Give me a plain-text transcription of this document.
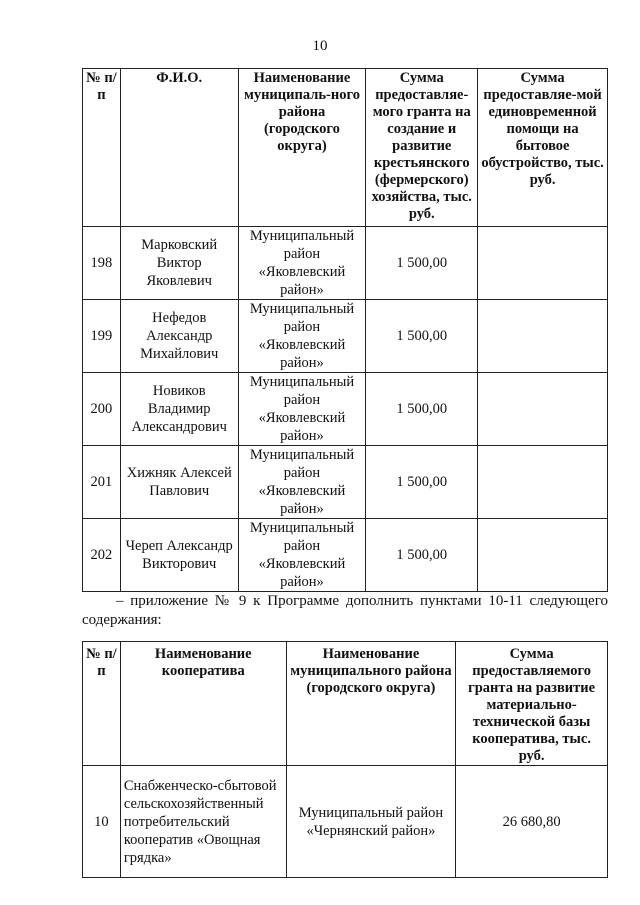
10
№ п/п	Ф.И.О.	Наименование муниципаль-ного района (городского округа)	Сумма предоставляе-мого гранта на создание и развитие крестьянского (фермерского) хозяйства, тыс. руб.	Сумма предоставляе-мой единовременной помощи на бытовое обустройство, тыс. руб.
198	Марковский Виктор Яковлевич	Муниципальный район «Яковлевский район»	1 500,00	
199	Нефедов Александр Михайлович	Муниципальный район «Яковлевский район»	1 500,00	
200	Новиков Владимир Александрович	Муниципальный район «Яковлевский район»	1 500,00	
201	Хижняк Алексей Павлович	Муниципальный район «Яковлевский район»	1 500,00	
202	Череп Александр Викторович	Муниципальный район «Яковлевский район»	1 500,00	
– приложение № 9 к Программе дополнить пунктами 10-11 следующего содержания:
№ п/п	Наименование кооператива	Наименование муниципального района (городского округа)	Сумма предоставляемого гранта на развитие материально-технической базы кооператива, тыс. руб.
10	Снабженческо-сбытовой сельскохозяйственный потребительский кооператив «Овощная грядка»	Муниципальный район «Чернянский район»	26 680,80
